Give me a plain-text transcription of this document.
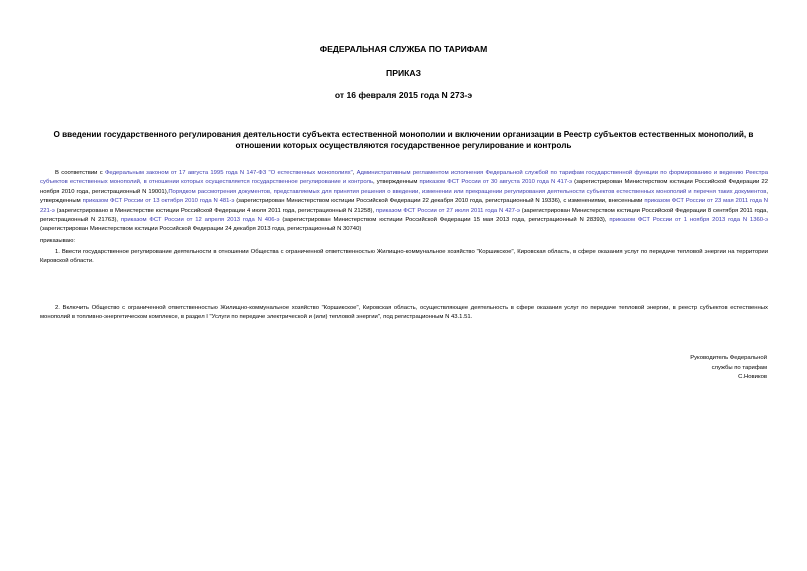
ФЕДЕРАЛЬНАЯ СЛУЖБА ПО ТАРИФАМ
ПРИКАЗ
от 16 февраля 2015 года N 273-э
О введении государственного регулирования деятельности субъекта естественной монополии и включении организации в Реестр субъектов естественных монополий, в отношении которых осуществляются государственное регулирование и контроль

В соответствии с Федеральным законом от 17 августа 1995 года N 147-ФЗ "О естественных монополиях", Административным регламентом исполнения Федеральной службой по тарифам государственной функции по формированию и ведению Реестра субъектов естественных монополий, в отношении которых осуществляется государственное регулирование и контроль, утвержденным приказом ФСТ России от 30 августа 2010 года N 417-э (зарегистрирован Министерством юстиции Российской Федерации 22 ноября 2010 года, регистрационный N 19001),Порядком рассмотрения документов, представляемых для принятия решения о введении, изменении или прекращении регулирования деятельности субъектов естественных монополий и перечня таких документов, утвержденным приказом ФСТ России от 13 октября 2010 года N 481-э (зарегистрирован Министерством юстиции Российской Федерации 22 декабря 2010 года, регистрационный N 19336), с изменениями, внесенными приказом ФСТ России от 23 мая 2011 года N 221-э (зарегистрировано в Министерстве юстиции Российской Федерации 4 июля 2011 года, регистрационный N 21258), приказом ФСТ России от 27 июля 2011 года N 427-э (зарегистрирован Министерством юстиции Российской Федерации 8 сентября 2011 года, регистрационный N 21763), приказом ФСТ России от 12 апреля 2013 года N 406-э (зарегистрирован Министерством юстиции Российской Федерации 15 мая 2013 года, регистрационный N 28393), приказом ФСТ России от 1 ноября 2013 года N 1360-э (зарегистрирован Министерством юстиции Российской Федерации 24 декабря 2013 года, регистрационный N 30740)

приказываю:

1. Ввести государственное регулирование деятельности в отношении Общества с ограниченной ответственностью Жилищно-коммунальное хозяйство "Коршикское", Кировская область, в сфере оказания услуг по передаче тепловой энергии на территории Кировской области.

2. Включить Общество с ограниченной ответственностью Жилищно-коммунальное хозяйство "Коршикское", Кировская область, осуществляющее деятельность в сфере оказания услуг по передаче тепловой энергии, в реестр субъектов естественных монополий в топливно-энергетическом комплексе, в раздел I "Услуги по передаче электрической и (или) тепловой энергии", под регистрационным N 43.1.51.

Руководитель Федеральной
службы по тарифам
С.Новиков
